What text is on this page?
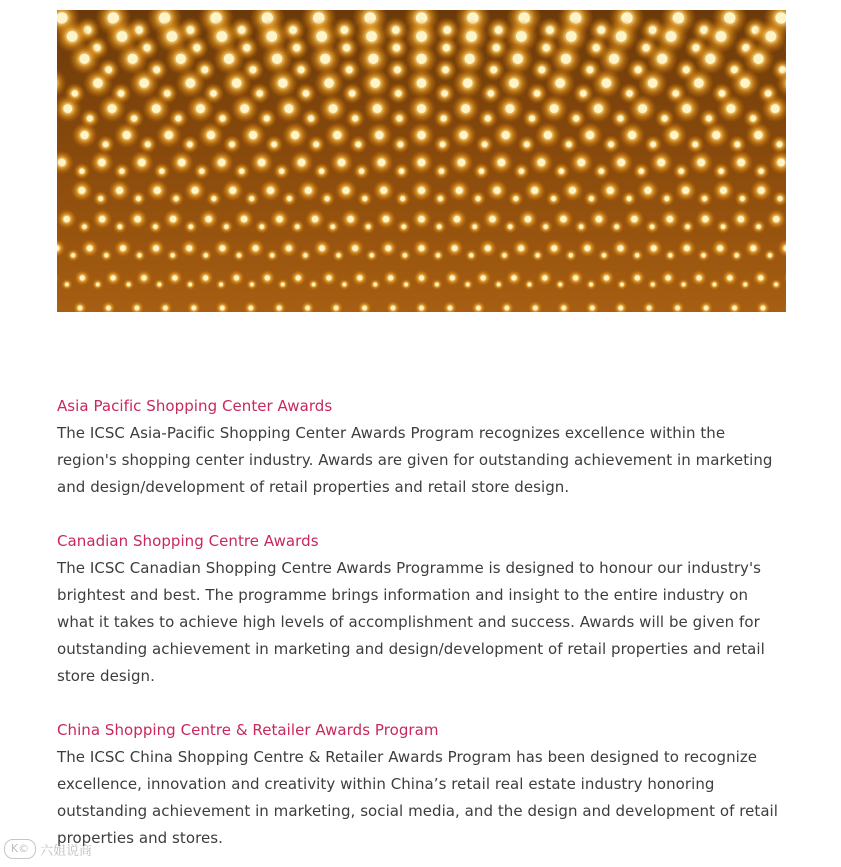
Asia Pacific Shopping Center Awards

The ICSC Asia-Pacific Shopping Center Awards Program recognizes excellence within the region's shopping center industry. Awards are given for outstanding achievement in marketing and design/development of retail properties and retail store design.

Canadian Shopping Centre Awards

The ICSC Canadian Shopping Centre Awards Programme is designed to honour our industry's brightest and best. The programme brings information and insight to the entire industry on what it takes to achieve high levels of accomplishment and success. Awards will be given for outstanding achievement in marketing and design/development of retail properties and retail store design.

China Shopping Centre & Retailer Awards Program

The ICSC China Shopping Centre & Retailer Awards Program has been designed to recognize excellence, innovation and creativity within China’s retail real estate industry honoring outstanding achievement in marketing, social media, and the design and development of retail properties and stores.

K© 六姐说商
